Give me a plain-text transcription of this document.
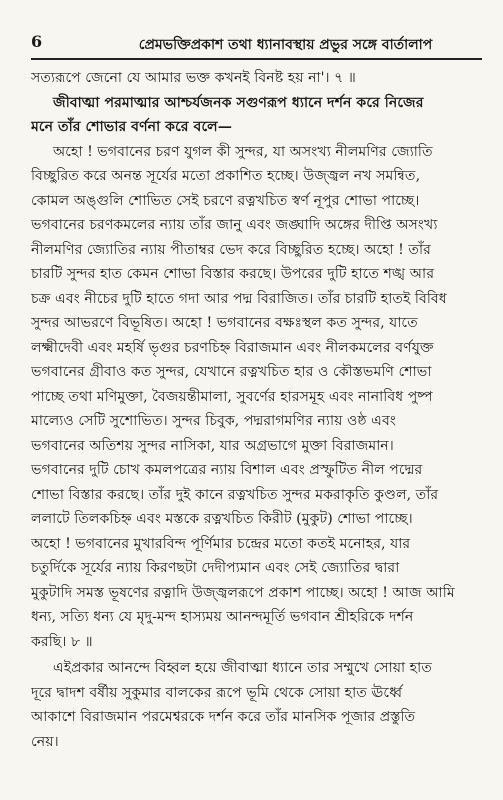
6	প্রেমভক্তিপ্রকাশ তথা ধ্যানাবস্থায় প্রভুর সঙ্গে বার্তালাপ
সত্যরূপে জেনো যে আমার ভক্ত কখনই বিনষ্ট হয় না'। ৭ ॥
জীবাত্মা পরমাত্মার আশ্চর্যজনক সগুণরূপ ধ্যানে দর্শন করে নিজের
মনে তাঁর শোভার বর্ণনা করে বলে—
অহো ! ভগবানের চরণ যুগল কী সুন্দর, যা অসংখ্য নীলমণির জ্যোতি
বিচ্ছুরিত করে অনন্ত সূর্যের মতো প্রকাশিত হচ্ছে। উজ্জ্বল নখ সমন্বিত,
কোমল অঙ্গুলি শোভিত সেই চরণে রত্নখচিত স্বর্ণ নূপুর শোভা পাচ্ছে।
ভগবানের চরণকমলের ন্যায় তাঁর জানু এবং জঙ্ঘাদি অঙ্গের দীপ্তি অসংখ্য
নীলমণির জ্যোতির ন্যায় পীতাম্বর ভেদ করে বিচ্ছুরিত হচ্ছে। অহো ! তাঁর
চারটি সুন্দর হাত কেমন শোভা বিস্তার করছে। উপরের দুটি হাতে শঙ্খ আর
চক্র এবং নীচের দুটি হাতে গদা আর পদ্ম বিরাজিত। তাঁর চারটি হাতই বিবিধ
সুন্দর আভরণে বিভূষিত। অহো ! ভগবানের বক্ষঃস্থল কত সুন্দর, যাতে
লক্ষ্মীদেবী এবং মহর্ষি ভৃগুর চরণচিহ্ন বিরাজমান এবং নীলকমলের বর্ণযুক্ত
ভগবানের গ্রীবাও কত সুন্দর, যেখানে রত্নখচিত হার ও কৌস্তভমণি শোভা
পাচ্ছে তথা মণিমুক্তা, বৈজয়ন্তীমালা, সুবর্ণের হারসমূহ এবং নানাবিধ পুষ্প
মাল্যেও সেটি সুশোভিত। সুন্দর চিবুক, পদ্মরাগমণির ন্যায় ওষ্ঠ এবং
ভগবানের অতিশয় সুন্দর নাসিকা, যার অগ্রভাগে মুক্তা বিরাজমান।
ভগবানের দুটি চোখ কমলপত্রের ন্যায় বিশাল এবং প্রস্ফুটিত নীল পদ্মের
শোভা বিস্তার করছে। তাঁর দুই কানে রত্নখচিত সুন্দর মকরাকৃতি কুণ্ডল, তাঁর
ললাটে তিলকচিহ্ন এবং মস্তকে রত্নখচিত কিরীট (মুকুট) শোভা পাচ্ছে।
অহো ! ভগবানের মুখারবিন্দ পূর্ণিমার চন্দ্রের মতো কতই মনোহর, যার
চতুর্দিকে সূর্যের ন্যায় কিরণছটা দেদীপ্যমান এবং সেই জ্যোতির দ্বারা
মুকুটাদি সমস্ত ভূষণের রত্নাদি উজ্জ্বলরূপে প্রকাশ পাচ্ছে। অহো ! আজ আমি
ধন্য, সত্যি ধন্য যে মৃদু-মন্দ হাস্যময় আনন্দমূর্তি ভগবান শ্রীহরিকে দর্শন
করছি। ৮ ॥
এইপ্রকার আনন্দে বিহ্বল হয়ে জীবাত্মা ধ্যানে তার সম্মুখে সোয়া হাত
দূরে দ্বাদশ বর্ষীয় সুকুমার বালকের রূপে ভূমি থেকে সোয়া হাত ঊর্ধ্বে
আকাশে বিরাজমান পরমেশ্বরকে দর্শন করে তাঁর মানসিক পূজার প্রস্তুতি
নেয়।
